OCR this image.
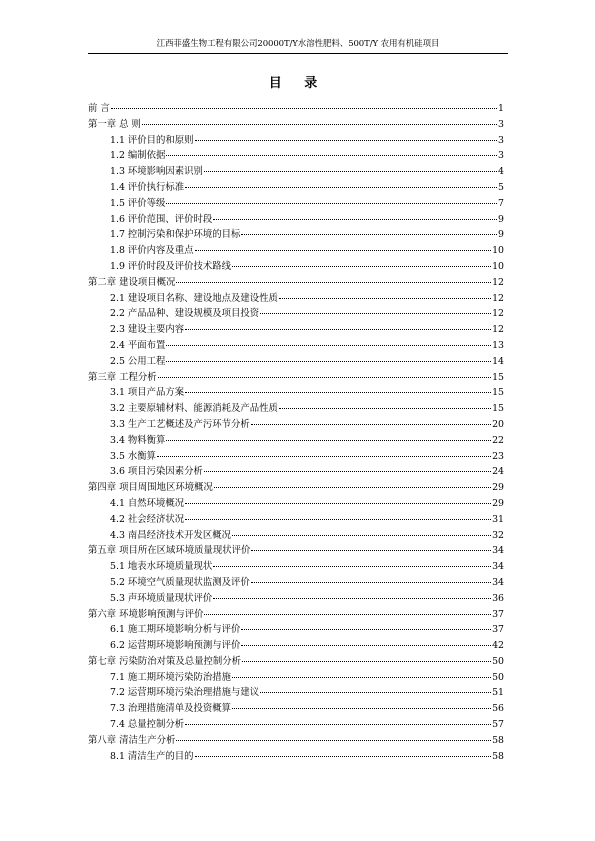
江西菲盛生物工程有限公司20000T/Y水溶性肥料、500T/Y 农用有机硅项目
目 录
前 言	1
第一章 总 则	3
1.1 评价目的和原则	3
1.2 编制依据	3
1.3 环境影响因素识别	4
1.4 评价执行标准	5
1.5 评价等级	7
1.6 评价范围、评价时段	9
1.7 控制污染和保护环境的目标	9
1.8 评价内容及重点	10
1.9 评价时段及评价技术路线	10
第二章 建设项目概况	12
2.1 建设项目名称、建设地点及建设性质	12
2.2 产品品种、建设规模及项目投资	12
2.3 建设主要内容	12
2.4 平面布置	13
2.5 公用工程	14
第三章 工程分析	15
3.1 项目产品方案	15
3.2 主要原辅材料、能源消耗及产品性质	15
3.3 生产工艺概述及产污环节分析	20
3.4 物料衡算	22
3.5 水衡算	23
3.6 项目污染因素分析	24
第四章 项目周围地区环境概况	29
4.1 自然环境概况	29
4.2 社会经济状况	31
4.3 南昌经济技术开发区概况	32
第五章 项目所在区域环境质量现状评价	34
5.1 地表水环境质量现状	34
5.2 环境空气质量现状监测及评价	34
5.3 声环境质量现状评价	36
第六章 环境影响预测与评价	37
6.1 施工期环境影响分析与评价	37
6.2 运营期环境影响预测与评价	42
第七章 污染防治对策及总量控制分析	50
7.1 施工期环境污染防治措施	50
7.2 运营期环境污染治理措施与建议	51
7.3 治理措施清单及投资概算	56
7.4 总量控制分析	57
第八章 清洁生产分析	58
8.1 清洁生产的目的	58
